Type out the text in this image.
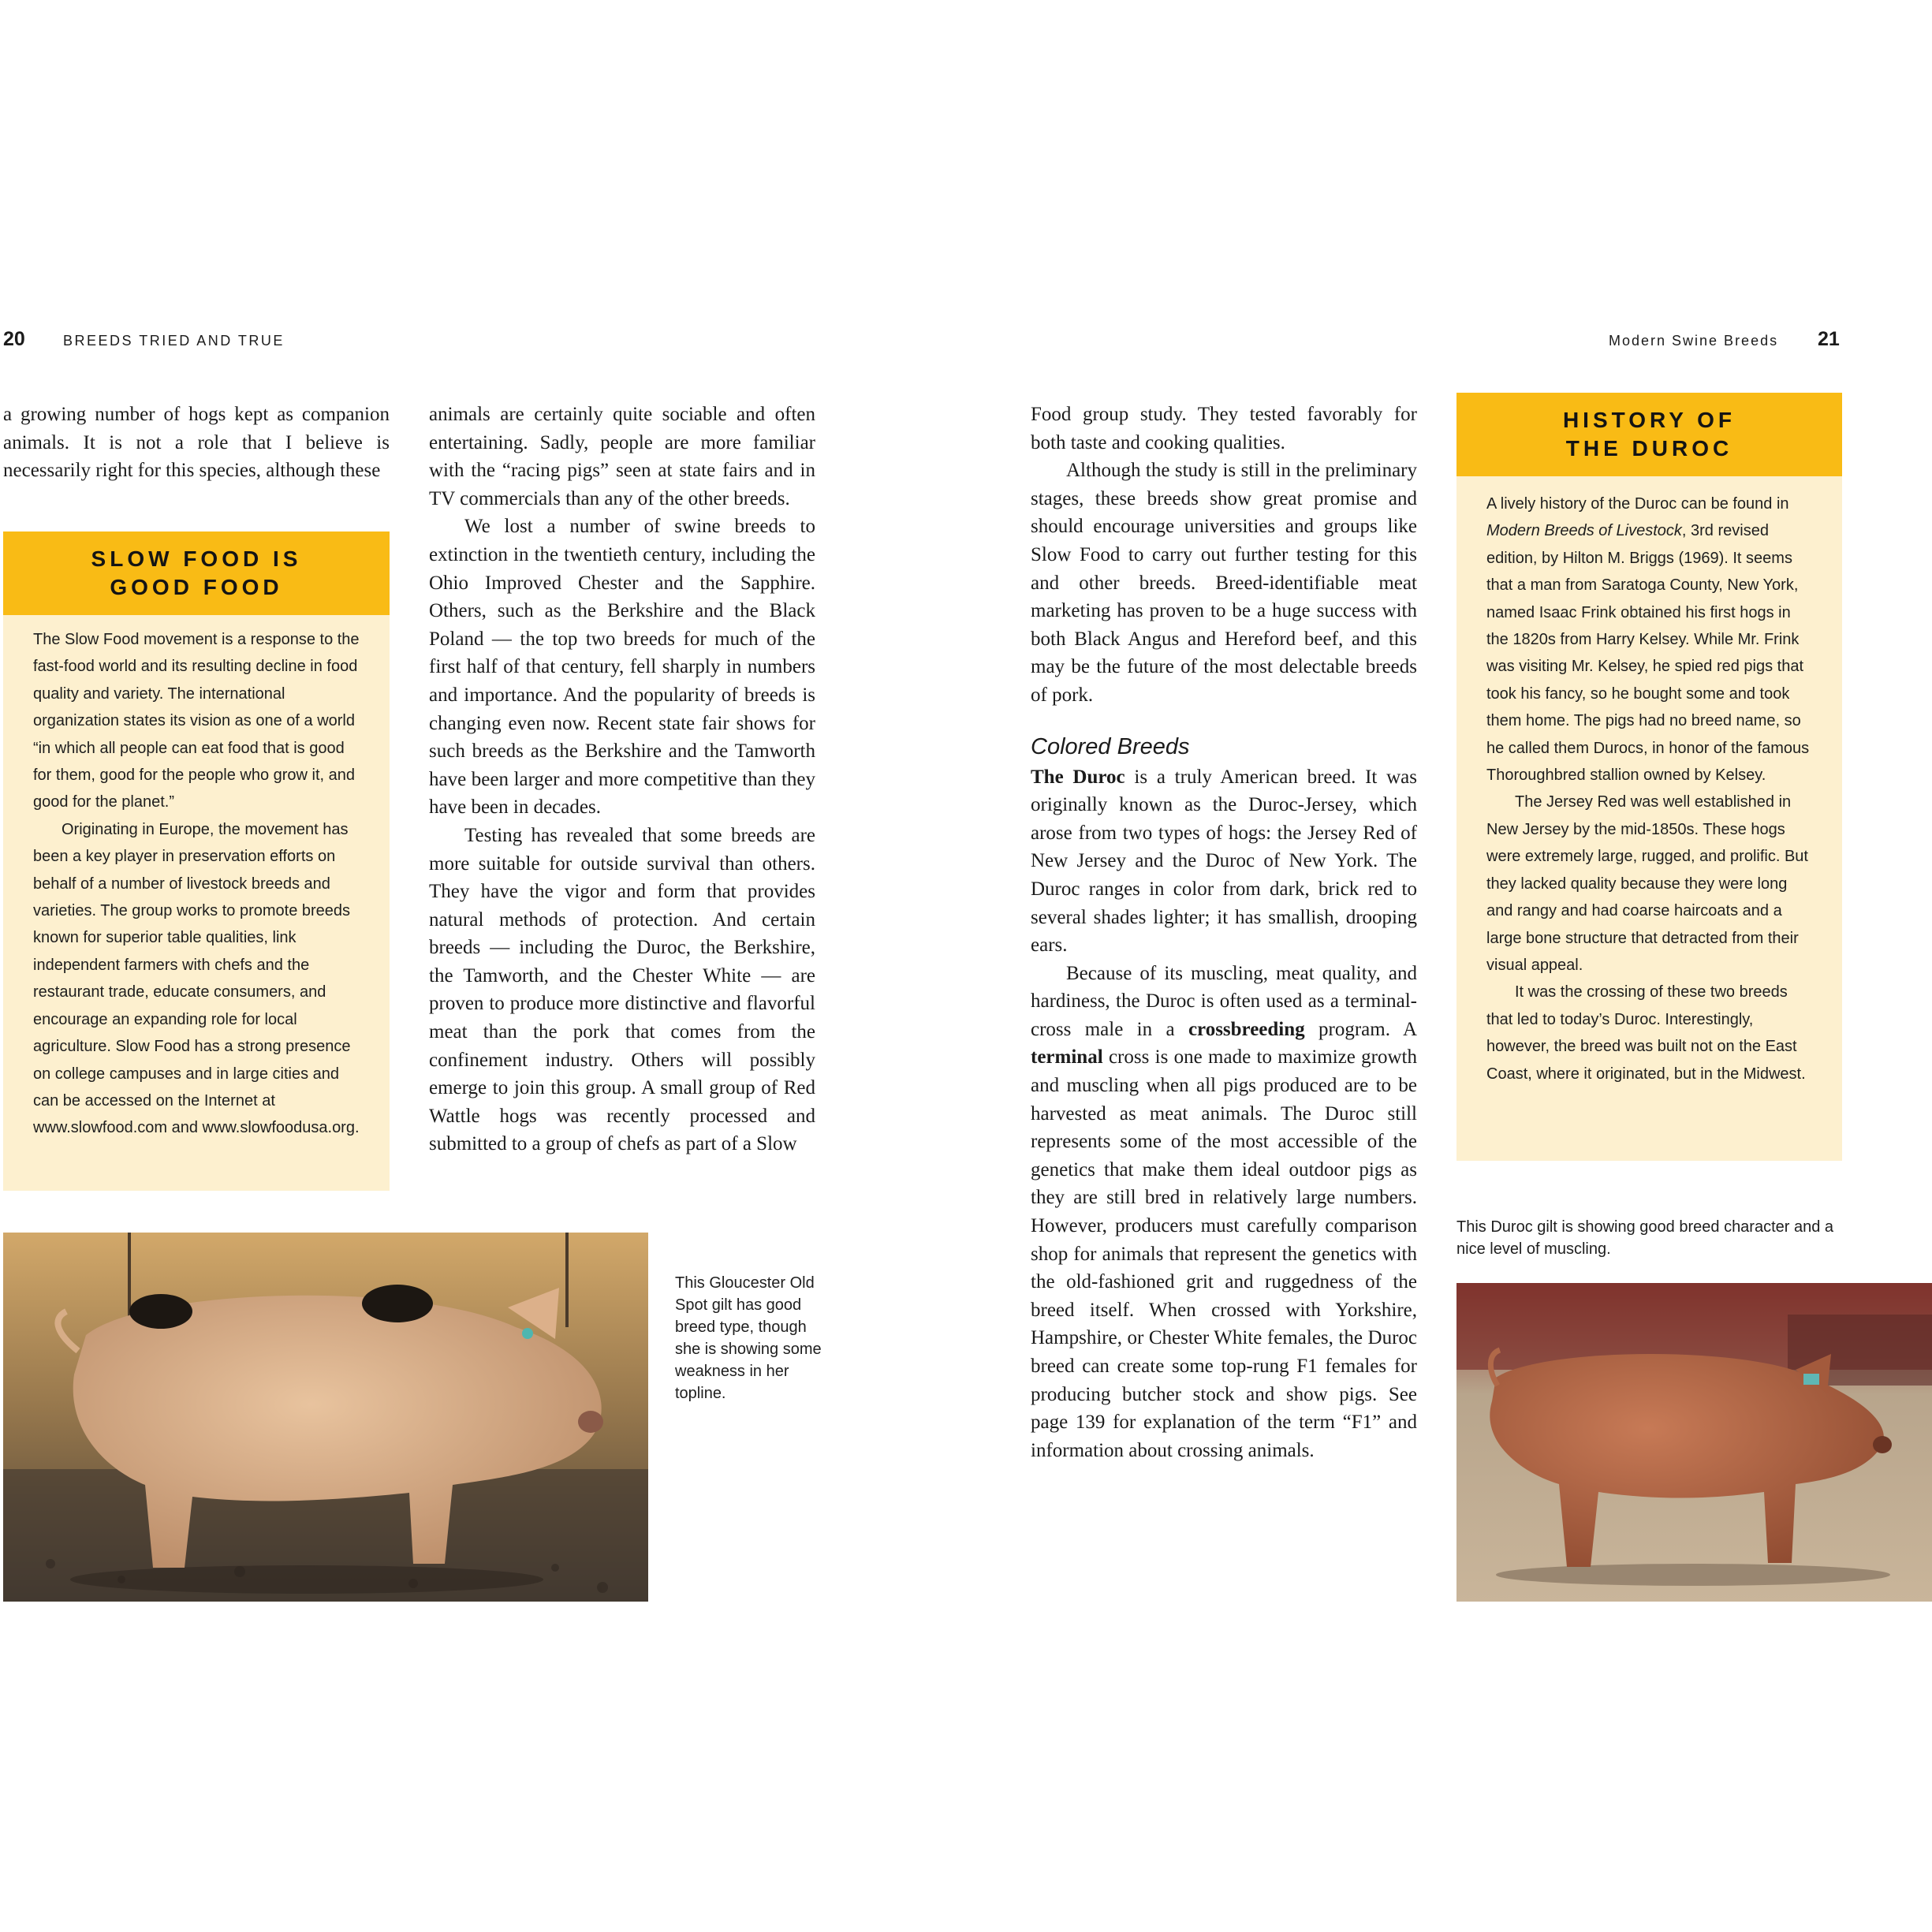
20	BREEDS TRIED AND TRUE

a growing number of hogs kept as companion animals. It is not a role that I believe is necessarily right for this species, although these

SLOW FOOD IS
GOOD FOOD

The Slow Food movement is a response to the fast-food world and its resulting decline in food quality and variety. The international organization states its vision as one of a world “in which all people can eat food that is good for them, good for the people who grow it, and good for the planet.”

Originating in Europe, the movement has been a key player in preservation efforts on behalf of a number of livestock breeds and varieties. The group works to promote breeds known for superior table qualities, link independent farmers with chefs and the restaurant trade, educate consumers, and encourage an expanding role for local agriculture. Slow Food has a strong presence on college campuses and in large cities and can be accessed on the Internet at www.slowfood.com and www.slowfoodusa.org.

animals are certainly quite sociable and often entertaining. Sadly, people are more familiar with the “racing pigs” seen at state fairs and in TV commercials than any of the other breeds.

We lost a number of swine breeds to extinction in the twentieth century, including the Ohio Improved Chester and the Sapphire. Others, such as the Berkshire and the Black Poland — the top two breeds for much of the first half of that century, fell sharply in numbers and importance. And the popularity of breeds is changing even now. Recent state fair shows for such breeds as the Berkshire and the Tamworth have been larger and more competitive than they have been in decades.

Testing has revealed that some breeds are more suitable for outside survival than others. They have the vigor and form that provides natural methods of protection. And certain breeds — including the Duroc, the Berkshire, the Tamworth, and the Chester White — are proven to produce more distinctive and flavorful meat than the pork that comes from the confinement industry. Others will possibly emerge to join this group. A small group of Red Wattle hogs was recently processed and submitted to a group of chefs as part of a Slow

This Gloucester Old Spot gilt has good breed type, though she is showing some weakness in her topline.
Modern Swine Breeds 21

Food group study. They tested favorably for both taste and cooking qualities.

Although the study is still in the preliminary stages, these breeds show great promise and should encourage universities and groups like Slow Food to carry out further testing for this and other breeds. Breed-identifiable meat marketing has proven to be a huge success with both Black Angus and Hereford beef, and this may be the future of the most delectable breeds of pork.

Colored Breeds

The Duroc is a truly American breed. It was originally known as the Duroc-Jersey, which arose from two types of hogs: the Jersey Red of New Jersey and the Duroc of New York. The Duroc ranges in color from dark, brick red to several shades lighter; it has smallish, drooping ears.

Because of its muscling, meat quality, and hardiness, the Duroc is often used as a terminal-cross male in a crossbreeding program. A terminal cross is one made to maximize growth and muscling when all pigs produced are to be harvested as meat animals. The Duroc still represents some of the most accessible of the genetics that make them ideal outdoor pigs as they are still bred in relatively large numbers. However, producers must carefully comparison shop for animals that represent the genetics with the old-fashioned grit and ruggedness of the breed itself. When crossed with Yorkshire, Hampshire, or Chester White females, the Duroc breed can create some top-rung F1 females for producing butcher stock and show pigs. See page 139 for explanation of the term “F1” and information about crossing animals.

HISTORY OF
THE DUROC

A lively history of the Duroc can be found in Modern Breeds of Livestock, 3rd revised edition, by Hilton M. Briggs (1969). It seems that a man from Saratoga County, New York, named Isaac Frink obtained his first hogs in the 1820s from Harry Kelsey. While Mr. Frink was visiting Mr. Kelsey, he spied red pigs that took his fancy, so he bought some and took them home. The pigs had no breed name, so he called them Durocs, in honor of the famous Thoroughbred stallion owned by Kelsey.

The Jersey Red was well established in New Jersey by the mid-1850s. These hogs were extremely large, rugged, and prolific. But they lacked quality because they were long and rangy and had coarse haircoats and a large bone structure that detracted from their visual appeal.

It was the crossing of these two breeds that led to today’s Duroc. Interestingly, however, the breed was built not on the East Coast, where it originated, but in the Midwest.

This Duroc gilt is showing good breed character and a nice level of muscling.
